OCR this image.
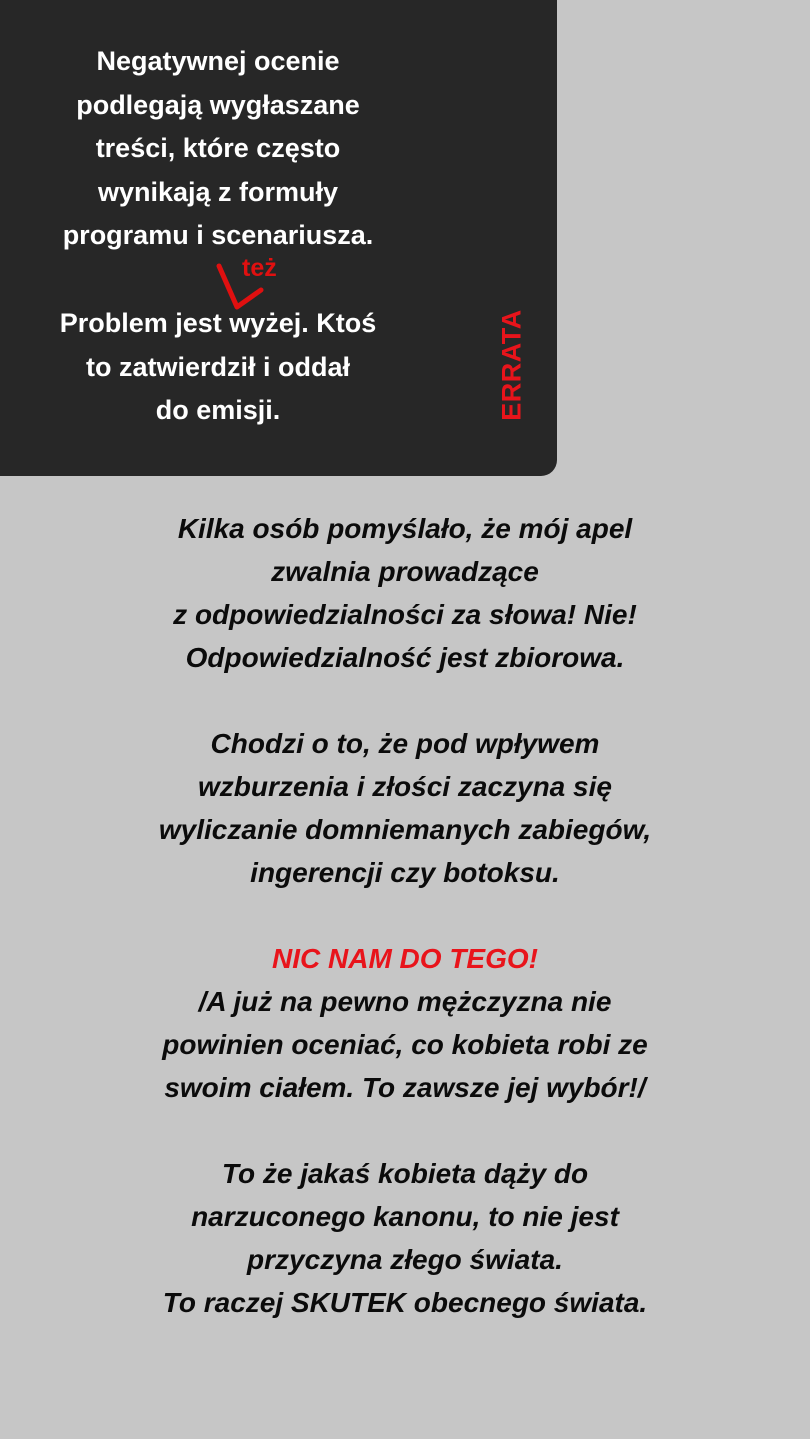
Negatywnej ocenie
podlegają wygłaszane
treści, które często
wynikają z formuły
programu i scenariusza.
Problem jest wyżej. Ktoś
to zatwierdził i oddał
do emisji.
też
ERRATA
Kilka osób pomyślało, że mój apel
zwalnia prowadzące
z odpowiedzialności za słowa! Nie!
Odpowiedzialność jest zbiorowa.
Chodzi o to, że pod wpływem
wzburzenia i złości zaczyna się
wyliczanie domniemanych zabiegów,
ingerencji czy botoksu.
NIC NAM DO TEGO!
/A już na pewno mężczyzna nie
powinien oceniać, co kobieta robi ze
swoim ciałem. To zawsze jej wybór!/
To że jakaś kobieta dąży do
narzuconego kanonu, to nie jest
przyczyna złego świata.
To raczej SKUTEK obecnego świata.
